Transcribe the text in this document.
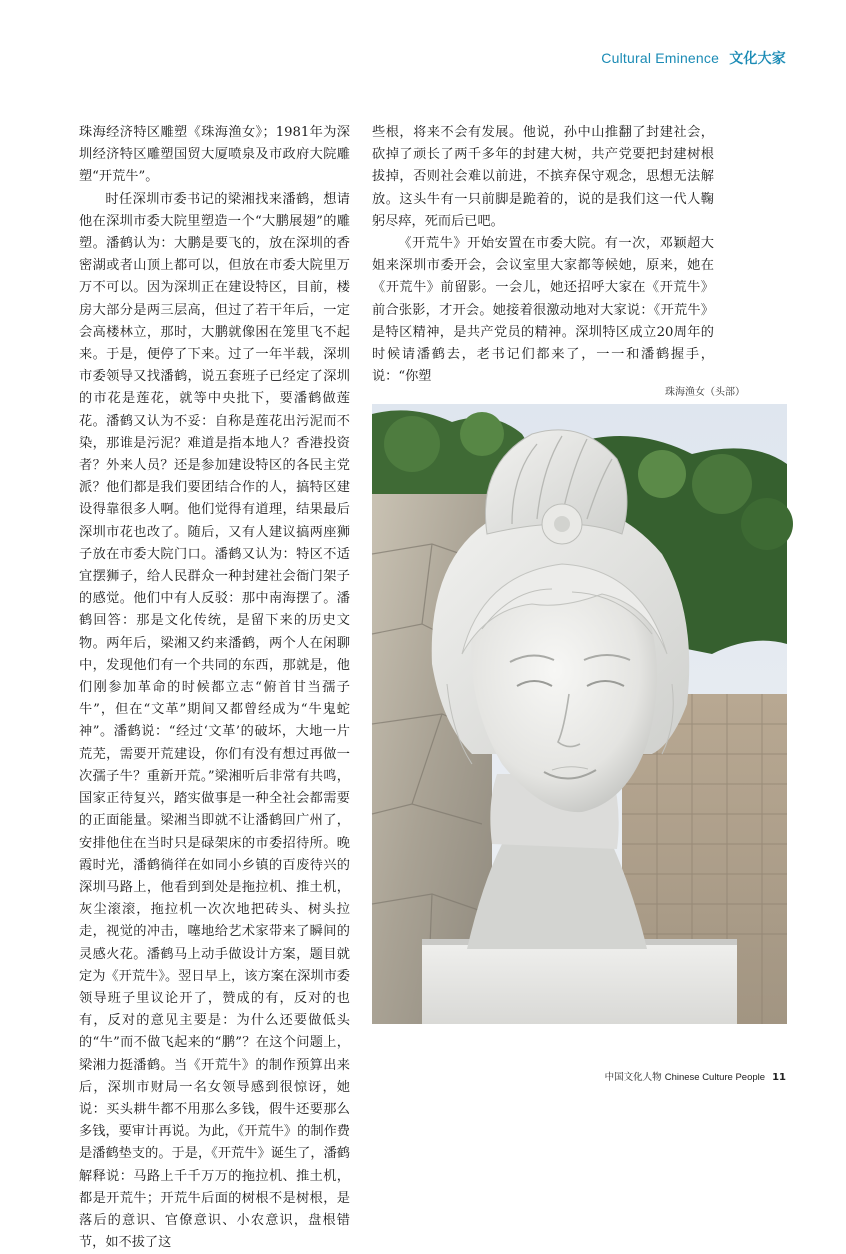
Cultural Eminence 文化大家

珠海经济特区雕塑《珠海渔女》；1981年为深圳经济特区雕塑国贸大厦喷泉及市政府大院雕塑“开荒牛”。

时任深圳市委书记的梁湘找来潘鹤，想请他在深圳市委大院里塑造一个“大鹏展翅”的雕塑。潘鹤认为：大鹏是要飞的，放在深圳的香密湖或者山顶上都可以，但放在市委大院里万万不可以。因为深圳正在建设特区，目前，楼房大部分是两三层高，但过了若干年后，一定会高楼林立，那时，大鹏就像困在笼里飞不起来。于是，便停了下来。过了一年半载，深圳市委领导又找潘鹤，说五套班子已经定了深圳的市花是莲花，就等中央批下，要潘鹤做莲花。潘鹤又认为不妥：自称是莲花出污泥而不染，那谁是污泥？难道是指本地人？香港投资者？外来人员？还是参加建设特区的各民主党派？他们都是我们要团结合作的人，搞特区建设得靠很多人啊。他们觉得有道理，结果最后深圳市花也改了。随后，又有人建议搞两座狮子放在市委大院门口。潘鹤又认为：特区不适宜摆狮子，给人民群众一种封建社会衙门架子的感觉。他们中有人反驳：那中南海摆了。潘鹤回答：那是文化传统，是留下来的历史文物。两年后，梁湘又约来潘鹤，两个人在闲聊中，发现他们有一个共同的东西，那就是，他们刚参加革命的时候都立志“俯首甘当孺子牛”，但在“文革”期间又都曾经成为“牛鬼蛇神”。潘鹤说：“经过‘文革’的破坏，大地一片荒芜，需要开荒建设，你们有没有想过再做一次孺子牛？重新开荒。”梁湘听后非常有共鸣，国家正待复兴，踏实做事是一种全社会都需要的正面能量。梁湘当即就不让潘鹤回广州了，安排他住在当时只是碌架床的市委招待所。晚霞时光，潘鹤徜徉在如同小乡镇的百废待兴的深圳马路上，他看到到处是拖拉机、推土机，灰尘滚滚，拖拉机一次次地把砖头、树头拉走，视觉的冲击，噻地给艺术家带来了瞬间的灵感火花。潘鹤马上动手做设计方案，题目就定为《开荒牛》。翌日早上，该方案在深圳市委领导班子里议论开了，赞成的有，反对的也有，反对的意见主要是：为什么还要做低头的“牛”而不做飞起来的“鹏”？在这个问题上，梁湘力挺潘鹤。当《开荒牛》的制作预算出来后，深圳市财局一名女领导感到很惊讶，她说：买头耕牛都不用那么多钱，假牛还要那么多钱，要审计再说。为此，《开荒牛》的制作费是潘鹤垫支的。于是，《开荒牛》诞生了，潘鹤解释说：马路上千千万万的拖拉机、推土机，都是开荒牛；开荒牛后面的树根不是树根，是落后的意识、官僚意识、小农意识，盘根错节，如不拔了这

些根，将来不会有发展。他说，孙中山推翻了封建社会，砍掉了顽长了两千多年的封建大树，共产党要把封建树根拔掉，否则社会难以前进，不摈弃保守观念，思想无法解放。这头牛有一只前脚是跪着的，说的是我们这一代人鞠躬尽瘁，死而后已吧。

《开荒牛》开始安置在市委大院。有一次，邓颖超大姐来深圳市委开会，会议室里大家都等候她，原来，她在《开荒牛》前留影。一会儿，她还招呼大家在《开荒牛》前合张影，才开会。她接着很激动地对大家说：《开荒牛》是特区精神，是共产党员的精神。深圳特区成立20周年的时候请潘鹤去，老书记们都来了，一一和潘鹤握手，说：“你塑

珠海渔女（头部）
中国文化人物 Chinese Culture People 11
